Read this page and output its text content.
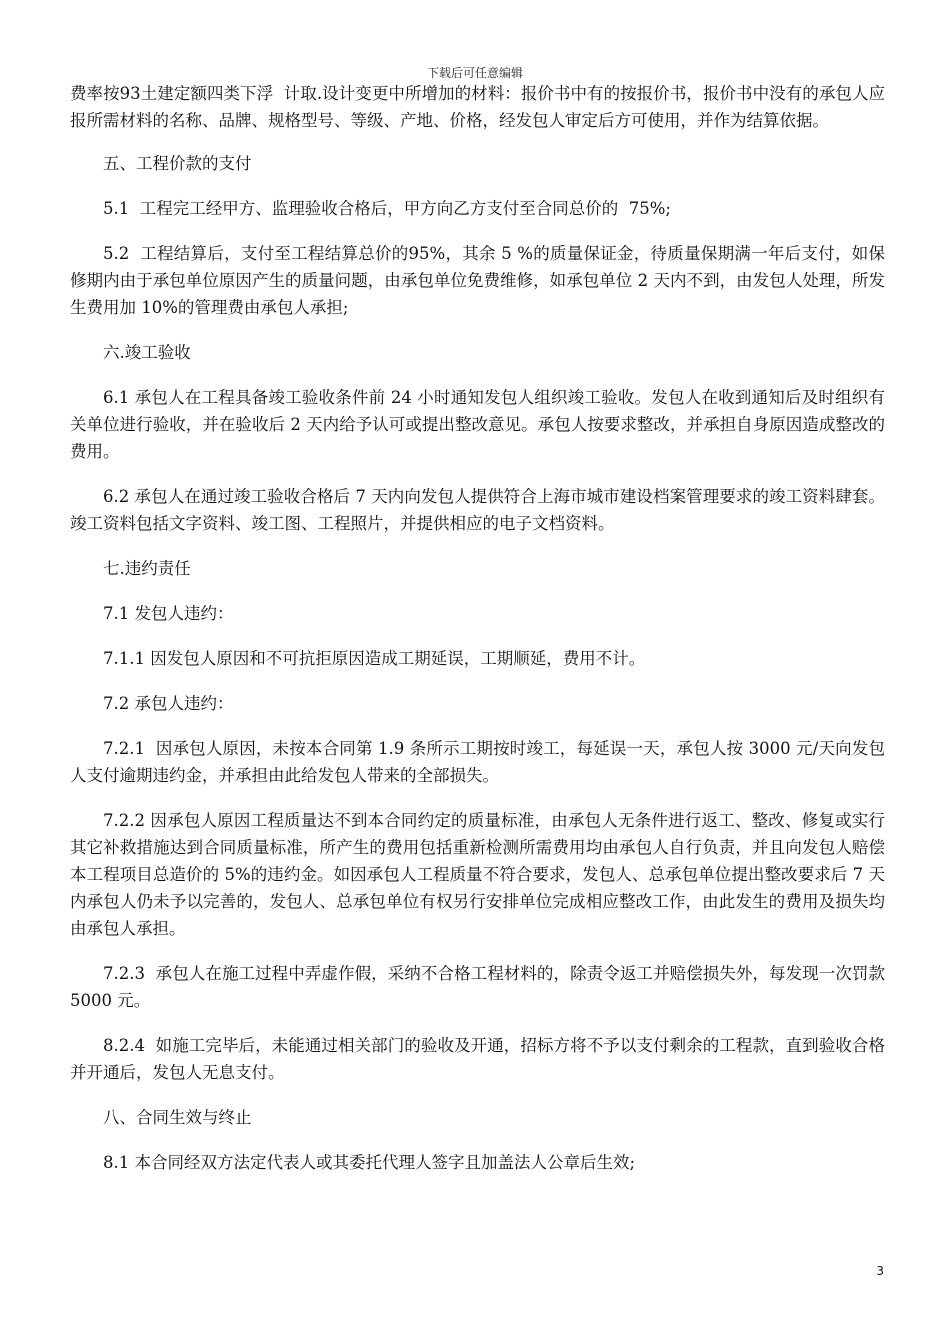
下载后可任意编辑

费率按93土建定额四类下浮  计取.设计变更中所增加的材料：报价书中有的按报价书，报价书中没有的承包人应报所需材料的名称、品牌、规格型号、等级、产地、价格，经发包人审定后方可使用，并作为结算依据。

五、工程价款的支付

5.1  工程完工经甲方、监理验收合格后，甲方向乙方支付至合同总价的  75%;

5.2  工程结算后，支付至工程结算总价的95%，其余 5 %的质量保证金，待质量保期满一年后支付，如保修期内由于承包单位原因产生的质量问题，由承包单位免费维修，如承包单位 2 天内不到，由发包人处理，所发生费用加 10%的管理费由承包人承担;

六.竣工验收

6.1 承包人在工程具备竣工验收条件前 24 小时通知发包人组织竣工验收。发包人在收到通知后及时组织有关单位进行验收，并在验收后 2 天内给予认可或提出整改意见。承包人按要求整改，并承担自身原因造成整改的费用。

6.2 承包人在通过竣工验收合格后 7 天内向发包人提供符合上海市城市建设档案管理要求的竣工资料肆套。竣工资料包括文字资料、竣工图、工程照片，并提供相应的电子文档资料。

七.违约责任

7.1 发包人违约：

7.1.1 因发包人原因和不可抗拒原因造成工期延误，工期顺延，费用不计。

7.2 承包人违约：

7.2.1  因承包人原因，未按本合同第 1.9 条所示工期按时竣工，每延误一天，承包人按 3000 元/天向发包人支付逾期违约金，并承担由此给发包人带来的全部损失。

7.2.2 因承包人原因工程质量达不到本合同约定的质量标准，由承包人无条件进行返工、整改、修复或实行其它补救措施达到合同质量标准，所产生的费用包括重新检测所需费用均由承包人自行负责，并且向发包人赔偿本工程项目总造价的 5%的违约金。如因承包人工程质量不符合要求，发包人、总承包单位提出整改要求后 7 天内承包人仍未予以完善的，发包人、总承包单位有权另行安排单位完成相应整改工作，由此发生的费用及损失均由承包人承担。

7.2.3  承包人在施工过程中弄虚作假，采纳不合格工程材料的，除责令返工并赔偿损失外，每发现一次罚款 5000 元。

8.2.4  如施工完毕后，未能通过相关部门的验收及开通，招标方将不予以支付剩余的工程款，直到验收合格并开通后，发包人无息支付。

八、合同生效与终止

8.1 本合同经双方法定代表人或其委托代理人签字且加盖法人公章后生效;

3
